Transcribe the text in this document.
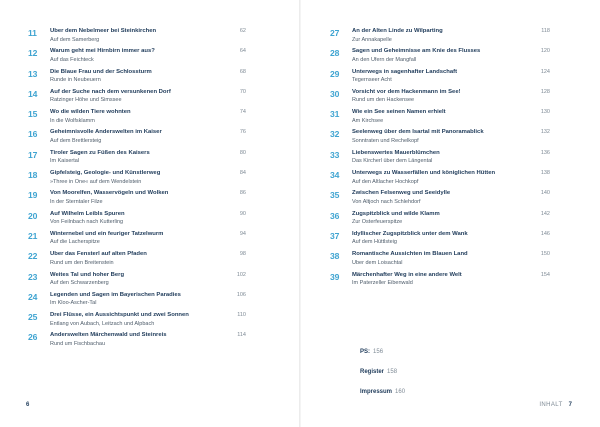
11	Über dem Nebelmeer bei Steinkirchen
Auf dem Samerberg
62
12	Warum geht mei Hirnbirn immer aus?
Auf das Feichteck
64
13	Die Blaue Frau und der Schlossturm
Runde in Neubeuern
68
14	Auf der Suche nach dem versunkenen Dorf
Ratzinger Höhe und Simssee
70
15	Wo die wilden Tiere wohnten
In die Wolfsklamm
74
16	Geheimnisvolle Anderswelten im Kaiser
Auf dem Brettlersteig
76
17	Tiroler Sagen zu Füßen des Kaisers
Im Kaisertal
80
18	Gipfelsteig, Geologie- und Künstlerweg
»Three in One« auf dem Wendelstein
84
19	Von Moorelfen, Wasservögeln und Wolken
In der Sterntaler Filze
86
20	Auf Wilhelm Leibls Spuren
Von Feilnbach nach Kutterling
90
21	Winternebel und ein feuriger Tatzelwurm
Auf die Lacherspitze
94
22	Über das Fensterl auf alten Pfaden
Rund um den Breitenstein
98
23	Weites Tal und hoher Berg
Auf den Schwarzenberg
102
24	Legenden und Sagen im Bayerischen Paradies
Im Kloo-Ascher-Tal
106
25	Drei Flüsse, ein Aussichtspunkt und zwei Sonnen
Entlang von Aubach, Leitzach und Alpbach
110
26	Anderswelten Märchenwald und Steinreis
Rund um Fischbachau
114
6
27	An der Alten Linde zu Wilparting
Zur Annakapelle
118
28	Sagen und Geheimnisse am Knie des Flusses
An den Ufern der Mangfall
120
29	Unterwegs in sagenhafter Landschaft
Tegernseer Acht
124
30	Vorsicht vor dem Hackenmann im See!
Rund um den Hackensee
128
31	Wie ein See seinen Namen erhielt
Am Kirchsee
130
32	Seelenweg über dem Isartal mit Panoramablick
Sonntraten und Rechelkopf
132
33	Liebenswertes Mauerblümchen
Das Kircherl über dem Längental
136
34	Unterwegs zu Wasserfällen und königlichen Hütten
Auf den Altlacher Hochkopf
138
35	Zwischen Felsenweg und Seeidylle
Von Altjoch nach Schlehdorf
140
36	Zugspitzblick und wilde Klamm
Zur Osterfeuerspitze
142
37	Idyllischer Zugspitzblick unter dem Wank
Auf dem Hüttlsteig
146
38	Romantische Aussichten im Blauen Land
Über dem Loisachtal
150
39	Märchenhafter Weg in eine andere Welt
Im Paterzeller Eibenwald
154
PS: 156
Register 158
Impressum 160
INHALT 7
